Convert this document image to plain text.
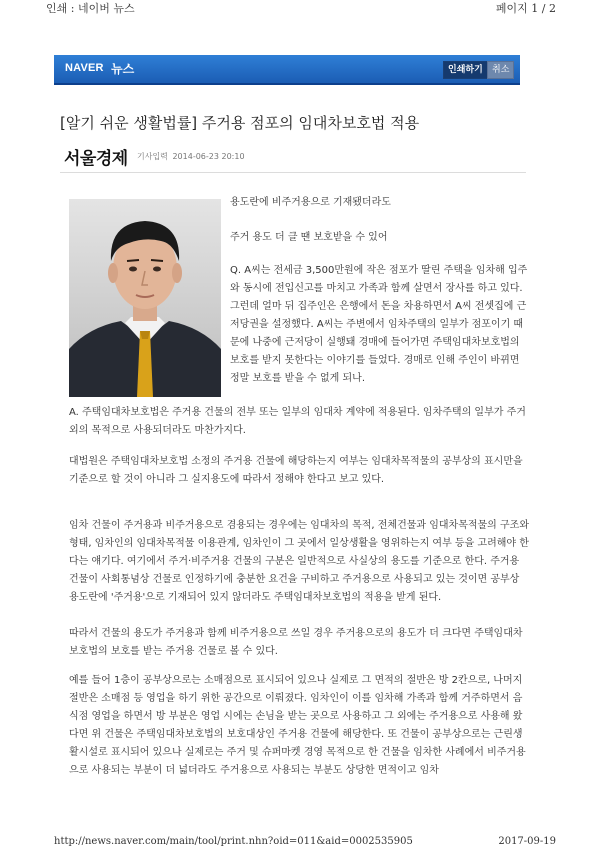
인쇄 : 네이버 뉴스	페이지 1 / 2
NAVER 뉴스	인쇄하기	취소
[알기 쉬운 생활법률] 주거용 점포의 임대차보호법 적용
서울경제 기사입력 2014-06-23 20:10

용도란에 비주거용으로 기재됐더라도

주거 용도 더 클 땐 보호받을 수 있어

Q. A씨는 전세금 3,500만원에 작은 점포가 딸린 주택을 임차해 입주와 동시에 전입신고를 마치고 가족과 함께 살면서 장사를 하고 있다. 그런데 얼마 뒤 집주인은 은행에서 돈을 차용하면서 A씨 전셋집에 근저당권을 설정했다. A씨는 주변에서 임차주택의 일부가 점포이기 때문에 나중에 근저당이 실행돼 경매에 들어가면 주택임대차보호법의 보호를 받지 못한다는 이야기를 들었다. 경매로 인해 주인이 바뀌면 정말 보호를 받을 수 없게 되나.

A. 주택임대차보호법은 주거용 건물의 전부 또는 일부의 임대차 계약에 적용된다. 임차주택의 일부가 주거 외의 목적으로 사용되더라도 마찬가지다.

대법원은 주택임대차보호법 소정의 주거용 건물에 해당하는지 여부는 임대차목적물의 공부상의 표시만을 기준으로 할 것이 아니라 그 실지용도에 따라서 정해야 한다고 보고 있다.

임차 건물이 주거용과 비주거용으로 겸용되는 경우에는 임대차의 목적, 전체건물과 임대차목적물의 구조와 형태, 임차인의 임대차목적물 이용관계, 임차인이 그 곳에서 일상생활을 영위하는지 여부 등을 고려해야 한다는 얘기다. 여기에서 주거·비주거용 건물의 구분은 일반적으로 사실상의 용도를 기준으로 한다. 주거용 건물이 사회통념상 건물로 인정하기에 충분한 요건을 구비하고 주거용으로 사용되고 있는 것이면 공부상 용도란에 '주거용'으로 기재되어 있지 않더라도 주택임대차보호법의 적용을 받게 된다.

따라서 건물의 용도가 주거용과 함께 비주거용으로 쓰일 경우 주거용으로의 용도가 더 크다면 주택임대차보호법의 보호를 받는 주거용 건물로 볼 수 있다.

예를 들어 1층이 공부상으로는 소매점으로 표시되어 있으나 실제로 그 면적의 절반은 방 2칸으로, 나머지 절반은 소매점 등 영업을 하기 위한 공간으로 이뤄졌다. 임차인이 이를 임차해 가족과 함께 거주하면서 음식점 영업을 하면서 방 부분은 영업 시에는 손님을 받는 곳으로 사용하고 그 외에는 주거용으로 사용해 왔다면 위 건물은 주택임대차보호법의 보호대상인 주거용 건물에 해당한다. 또 건물이 공부상으로는 근린생활시설로 표시되어 있으나 실제로는 주거 및 슈퍼마켓 경영 목적으로 한 건물을 임차한 사례에서 비주거용으로 사용되는 부분이 더 넓더라도 주거용으로 사용되는 부분도 상당한 면적이고 임차

http://news.naver.com/main/tool/print.nhn?oid=011&aid=0002535905	2017-09-19
